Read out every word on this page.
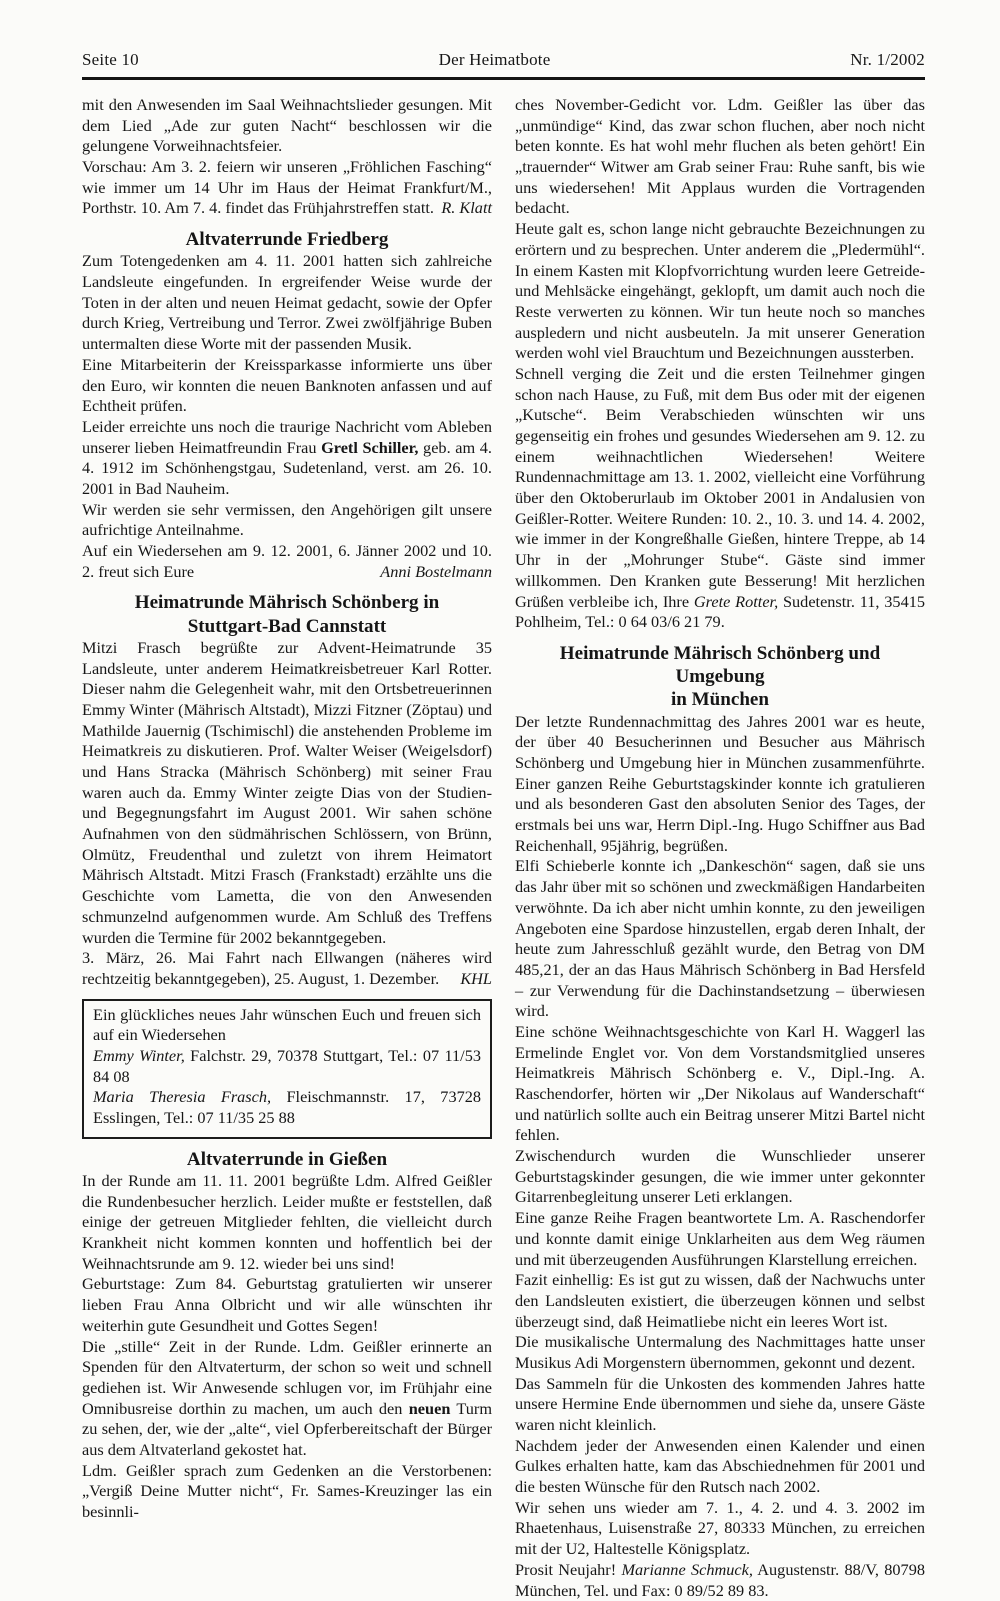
Seite 10	Der Heimatbote	Nr. 1/2002

mit den Anwesenden im Saal Weihnachtslieder gesungen. Mit dem Lied „Ade zur guten Nacht“ beschlossen wir die gelungene Vorweihnachtsfeier.

Vorschau: Am 3. 2. feiern wir unseren „Fröhlichen Fasching“ wie immer um 14 Uhr im Haus der Heimat Frankfurt/M., Porthstr. 10. Am 7. 4. findet das Frühjahrstreffen statt. R. Klatt

Altvaterrunde Friedberg

Zum Totengedenken am 4. 11. 2001 hatten sich zahlreiche Landsleute eingefunden. In ergreifender Weise wurde der Toten in der alten und neuen Heimat gedacht, sowie der Opfer durch Krieg, Vertreibung und Terror. Zwei zwölfjährige Buben untermalten diese Worte mit der passenden Musik.

Eine Mitarbeiterin der Kreissparkasse informierte uns über den Euro, wir konnten die neuen Banknoten anfassen und auf Echtheit prüfen.

Leider erreichte uns noch die traurige Nachricht vom Ableben unserer lieben Heimatfreundin Frau Gretl Schiller, geb. am 4. 4. 1912 im Schönhengstgau, Sudetenland, verst. am 26. 10. 2001 in Bad Nauheim.

Wir werden sie sehr vermissen, den Angehörigen gilt unsere aufrichtige Anteilnahme.

Auf ein Wiedersehen am 9. 12. 2001, 6. Jänner 2002 und 10. 2. freut sich Eure	Anni Bostelmann

Heimatrunde Mährisch Schönberg in
Stuttgart-Bad Cannstatt

Mitzi Frasch begrüßte zur Advent-Heimatrunde 35 Landsleute, unter anderem Heimatkreisbetreuer Karl Rotter. Dieser nahm die Gelegenheit wahr, mit den Ortsbetreuerinnen Emmy Winter (Mährisch Altstadt), Mizzi Fitzner (Zöptau) und Mathilde Jauernig (Tschimischl) die anstehenden Probleme im Heimatkreis zu diskutieren. Prof. Walter Weiser (Weigelsdorf) und Hans Stracka (Mährisch Schönberg) mit seiner Frau waren auch da. Emmy Winter zeigte Dias von der Studien- und Begegnungsfahrt im August 2001. Wir sahen schöne Aufnahmen von den südmährischen Schlössern, von Brünn, Olmütz, Freudenthal und zuletzt von ihrem Heimatort Mährisch Altstadt. Mitzi Frasch (Frankstadt) erzählte uns die Geschichte vom Lametta, die von den Anwesenden schmunzelnd aufgenommen wurde. Am Schluß des Treffens wurden die Termine für 2002 bekanntgegeben.

3. März, 26. Mai Fahrt nach Ellwangen (näheres wird rechtzeitig bekanntgegeben), 25. August, 1. Dezember. KHL

Ein glückliches neues Jahr wünschen Euch und freuen sich auf ein Wiedersehen

Emmy Winter, Falchstr. 29, 70378 Stuttgart, Tel.: 07 11/53 84 08

Maria Theresia Frasch, Fleischmannstr. 17, 73728 Esslingen, Tel.: 07 11/35 25 88

Altvaterrunde in Gießen

In der Runde am 11. 11. 2001 begrüßte Ldm. Alfred Geißler die Rundenbesucher herzlich. Leider mußte er feststellen, daß einige der getreuen Mitglieder fehlten, die vielleicht durch Krankheit nicht kommen konnten und hoffentlich bei der Weihnachtsrunde am 9. 12. wieder bei uns sind!

Geburtstage: Zum 84. Geburtstag gratulierten wir unserer lieben Frau Anna Olbricht und wir alle wünschten ihr weiterhin gute Gesundheit und Gottes Segen!

Die „stille“ Zeit in der Runde. Ldm. Geißler erinnerte an Spenden für den Altvaterturm, der schon so weit und schnell gediehen ist. Wir Anwesende schlugen vor, im Frühjahr eine Omnibusreise dorthin zu machen, um auch den neuen Turm zu sehen, der, wie der „alte“, viel Opferbereitschaft der Bürger aus dem Altvaterland gekostet hat.

Ldm. Geißler sprach zum Gedenken an die Verstorbenen: „Vergiß Deine Mutter nicht“, Fr. Sames-Kreuzinger las ein besinnli-

ches November-Gedicht vor. Ldm. Geißler las über das „unmündige“ Kind, das zwar schon fluchen, aber noch nicht beten konnte. Es hat wohl mehr fluchen als beten gehört! Ein „trauernder“ Witwer am Grab seiner Frau: Ruhe sanft, bis wie uns wiedersehen! Mit Applaus wurden die Vortragenden bedacht.

Heute galt es, schon lange nicht gebrauchte Bezeichnungen zu erörtern und zu besprechen. Unter anderem die „Pledermühl“. In einem Kasten mit Klopfvorrichtung wurden leere Getreide- und Mehlsäcke eingehängt, geklopft, um damit auch noch die Reste verwerten zu können. Wir tun heute noch so manches auspledern und nicht ausbeuteln. Ja mit unserer Generation werden wohl viel Brauchtum und Bezeichnungen aussterben.

Schnell verging die Zeit und die ersten Teilnehmer gingen schon nach Hause, zu Fuß, mit dem Bus oder mit der eigenen „Kutsche“. Beim Verabschieden wünschten wir uns gegenseitig ein frohes und gesundes Wiedersehen am 9. 12. zu einem weihnachtlichen Wiedersehen! Weitere Rundennachmittage am 13. 1. 2002, vielleicht eine Vorführung über den Oktoberurlaub im Oktober 2001 in Andalusien von Geißler-Rotter. Weitere Runden: 10. 2., 10. 3. und 14. 4. 2002, wie immer in der Kongreßhalle Gießen, hintere Treppe, ab 14 Uhr in der „Mohrunger Stube“. Gäste sind immer willkommen. Den Kranken gute Besserung! Mit herzlichen Grüßen verbleibe ich, Ihre Grete Rotter, Sudetenstr. 11, 35415 Pohlheim, Tel.: 0 64 03/6 21 79.

Heimatrunde Mährisch Schönberg und Umgebung
in München

Der letzte Rundennachmittag des Jahres 2001 war es heute, der über 40 Besucherinnen und Besucher aus Mährisch Schönberg und Umgebung hier in München zusammenführte. Einer ganzen Reihe Geburtstagskinder konnte ich gratulieren und als besonderen Gast den absoluten Senior des Tages, der erstmals bei uns war, Herrn Dipl.-Ing. Hugo Schiffner aus Bad Reichenhall, 95jährig, begrüßen.

Elfi Schieberle konnte ich „Dankeschön“ sagen, daß sie uns das Jahr über mit so schönen und zweckmäßigen Handarbeiten verwöhnte. Da ich aber nicht umhin konnte, zu den jeweiligen Angeboten eine Spardose hinzustellen, ergab deren Inhalt, der heute zum Jahresschluß gezählt wurde, den Betrag von DM 485,21, der an das Haus Mährisch Schönberg in Bad Hersfeld – zur Verwendung für die Dachinstandsetzung – überwiesen wird.

Eine schöne Weihnachtsgeschichte von Karl H. Waggerl las Ermelinde Englet vor. Von dem Vorstandsmitglied unseres Heimatkreis Mährisch Schönberg e. V., Dipl.-Ing. A. Raschendorfer, hörten wir „Der Nikolaus auf Wanderschaft“ und natürlich sollte auch ein Beitrag unserer Mitzi Bartel nicht fehlen.

Zwischendurch wurden die Wunschlieder unserer Geburtstagskinder gesungen, die wie immer unter gekonnter Gitarrenbegleitung unserer Leti erklangen.

Eine ganze Reihe Fragen beantwortete Lm. A. Raschendorfer und konnte damit einige Unklarheiten aus dem Weg räumen und mit überzeugenden Ausführungen Klarstellung erreichen.

Fazit einhellig: Es ist gut zu wissen, daß der Nachwuchs unter den Landsleuten existiert, die überzeugen können und selbst überzeugt sind, daß Heimatliebe nicht ein leeres Wort ist.

Die musikalische Untermalung des Nachmittages hatte unser Musikus Adi Morgenstern übernommen, gekonnt und dezent.

Das Sammeln für die Unkosten des kommenden Jahres hatte unsere Hermine Ende übernommen und siehe da, unsere Gäste waren nicht kleinlich.

Nachdem jeder der Anwesenden einen Kalender und einen Gulkes erhalten hatte, kam das Abschiednehmen für 2001 und die besten Wünsche für den Rutsch nach 2002.

Wir sehen uns wieder am 7. 1., 4. 2. und 4. 3. 2002 im Rhaetenhaus, Luisenstraße 27, 80333 München, zu erreichen mit der U2, Haltestelle Königsplatz.

Prosit Neujahr! Marianne Schmuck, Augustenstr. 88/V, 80798 München, Tel. und Fax: 0 89/52 89 83.
